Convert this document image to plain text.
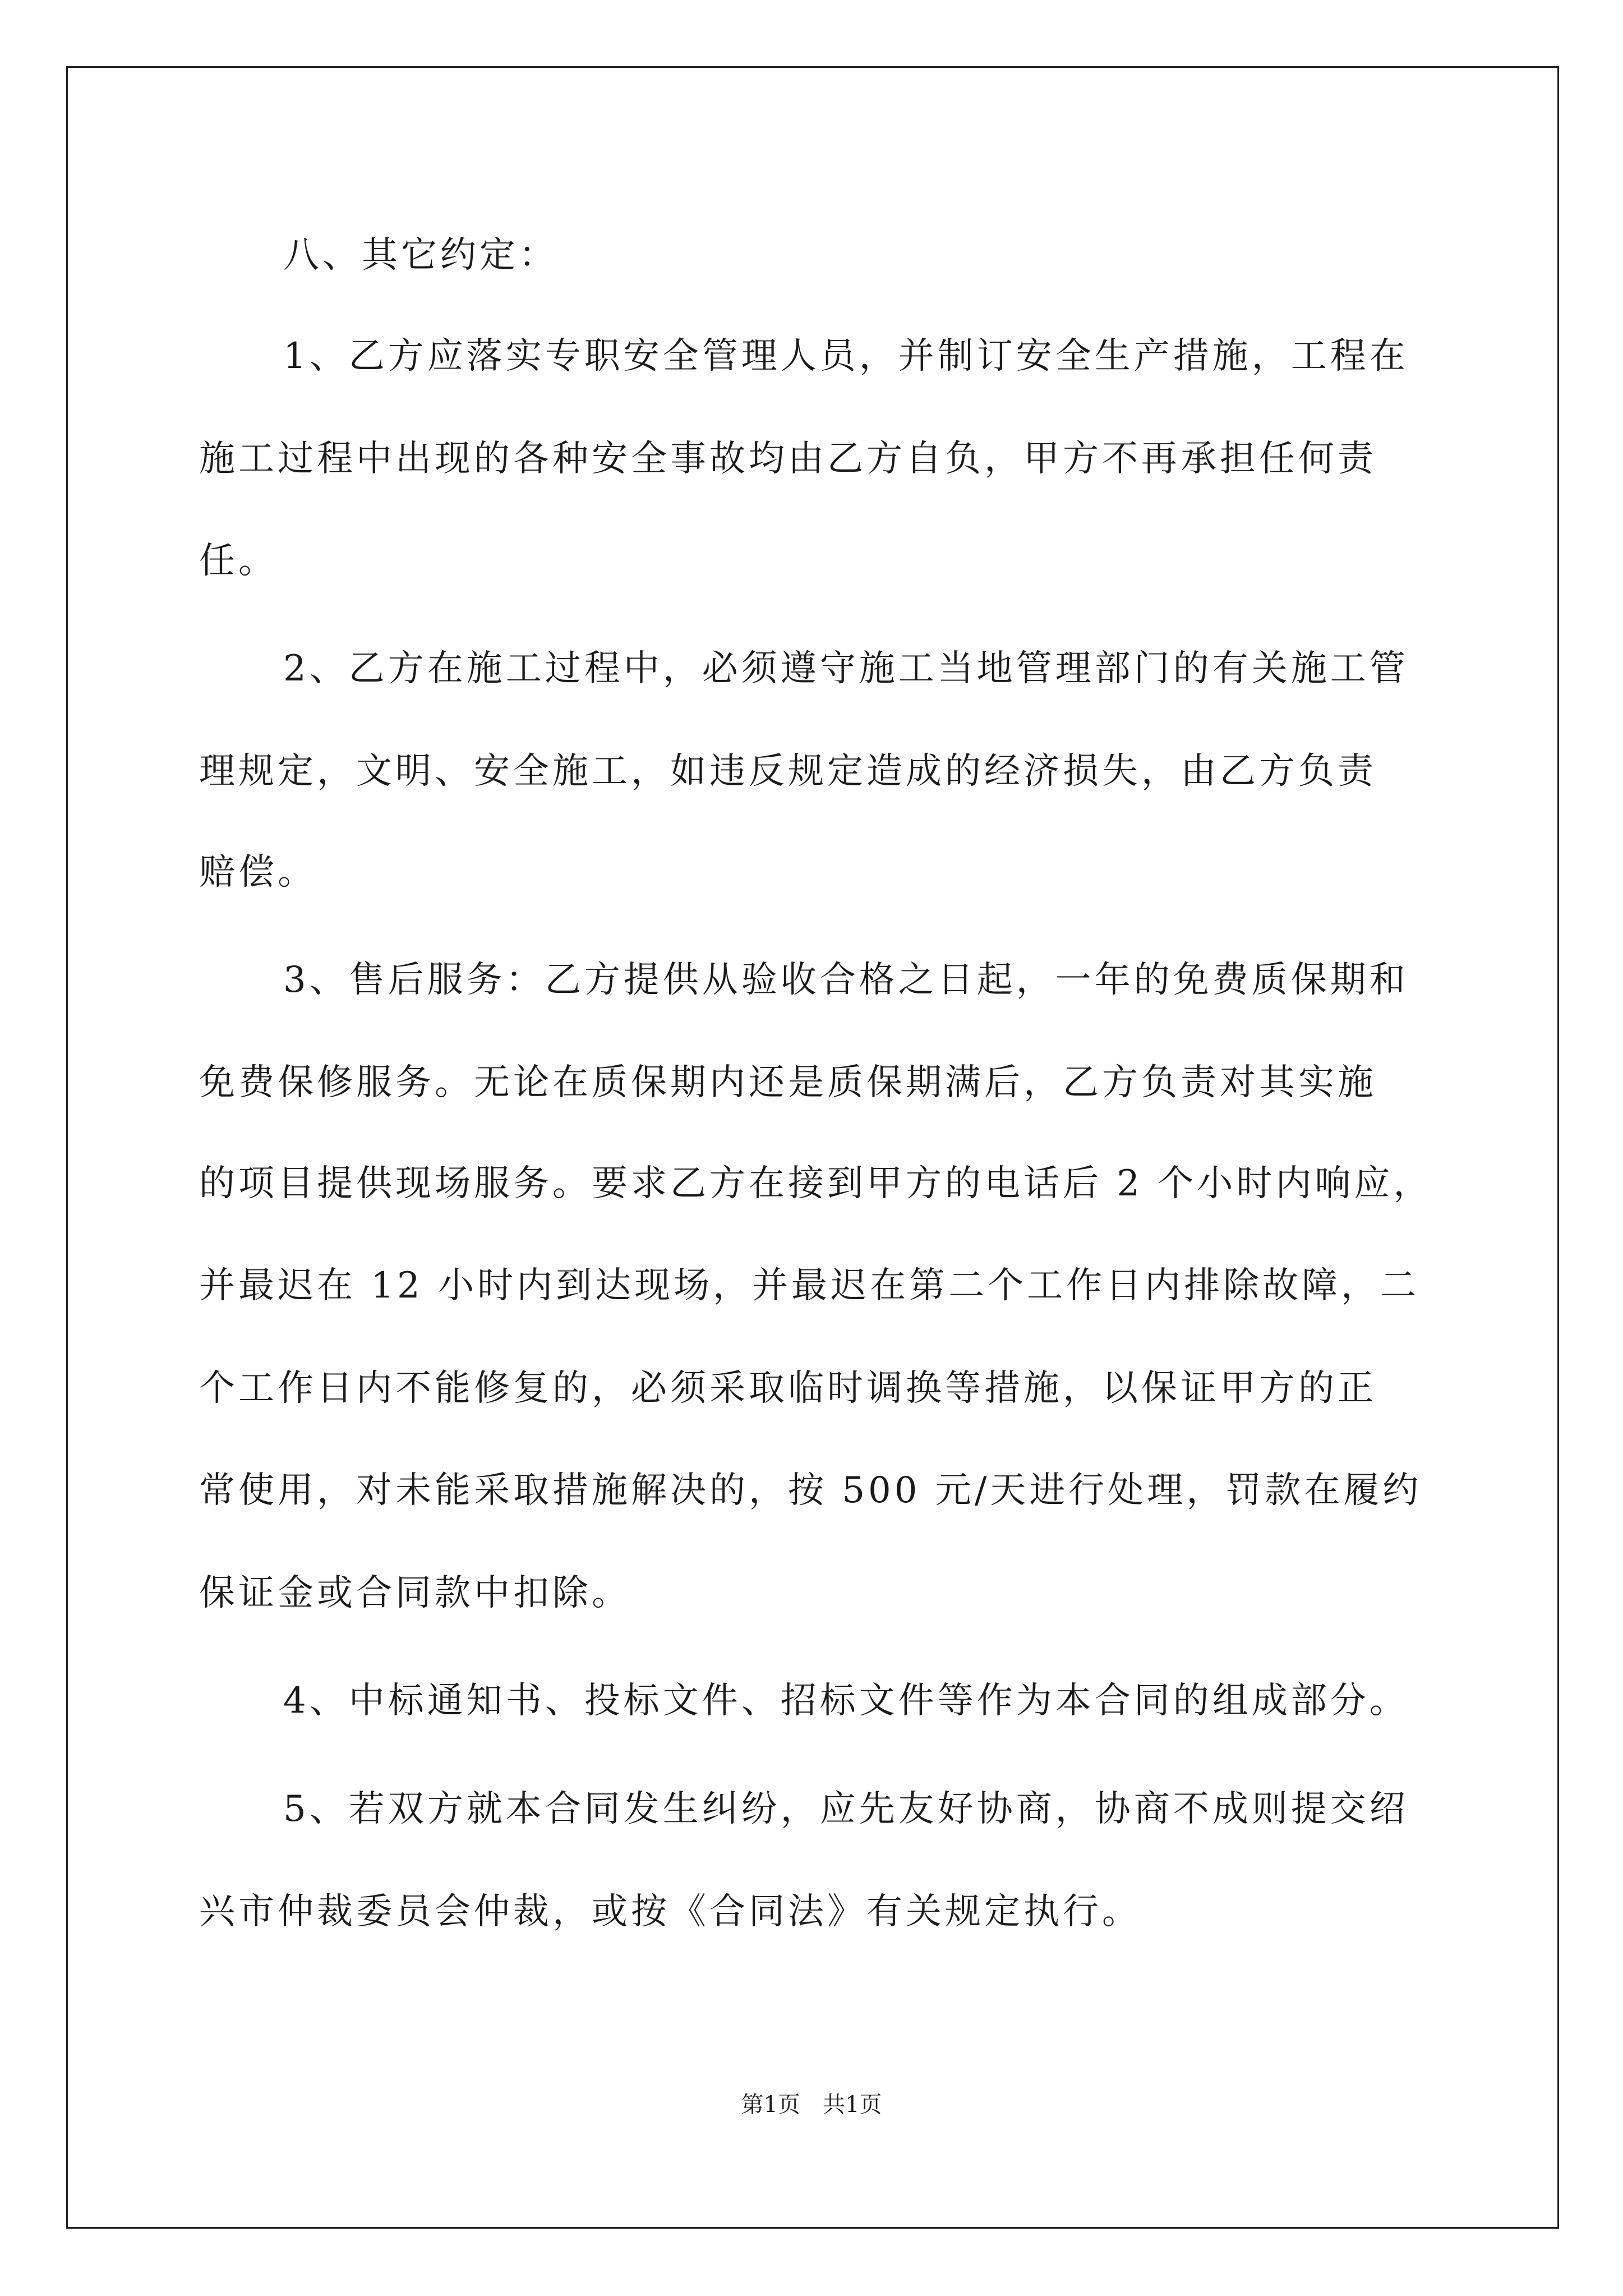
八、其它约定：
1、乙方应落实专职安全管理人员，并制订安全生产措施，工程在
施工过程中出现的各种安全事故均由乙方自负，甲方不再承担任何责
任。
2、乙方在施工过程中，必须遵守施工当地管理部门的有关施工管
理规定，文明、安全施工，如违反规定造成的经济损失，由乙方负责
赔偿。
3、售后服务：乙方提供从验收合格之日起，一年的免费质保期和
免费保修服务。无论在质保期内还是质保期满后，乙方负责对其实施
的项目提供现场服务。要求乙方在接到甲方的电话后 2 个小时内响应，
并最迟在 12 小时内到达现场，并最迟在第二个工作日内排除故障，二
个工作日内不能修复的，必须采取临时调换等措施，以保证甲方的正
常使用，对未能采取措施解决的，按 500 元/天进行处理，罚款在履约
保证金或合同款中扣除。
4、中标通知书、投标文件、招标文件等作为本合同的组成部分。
5、若双方就本合同发生纠纷，应先友好协商，协商不成则提交绍
兴市仲裁委员会仲裁，或按《合同法》有关规定执行。
第1页　共1页
